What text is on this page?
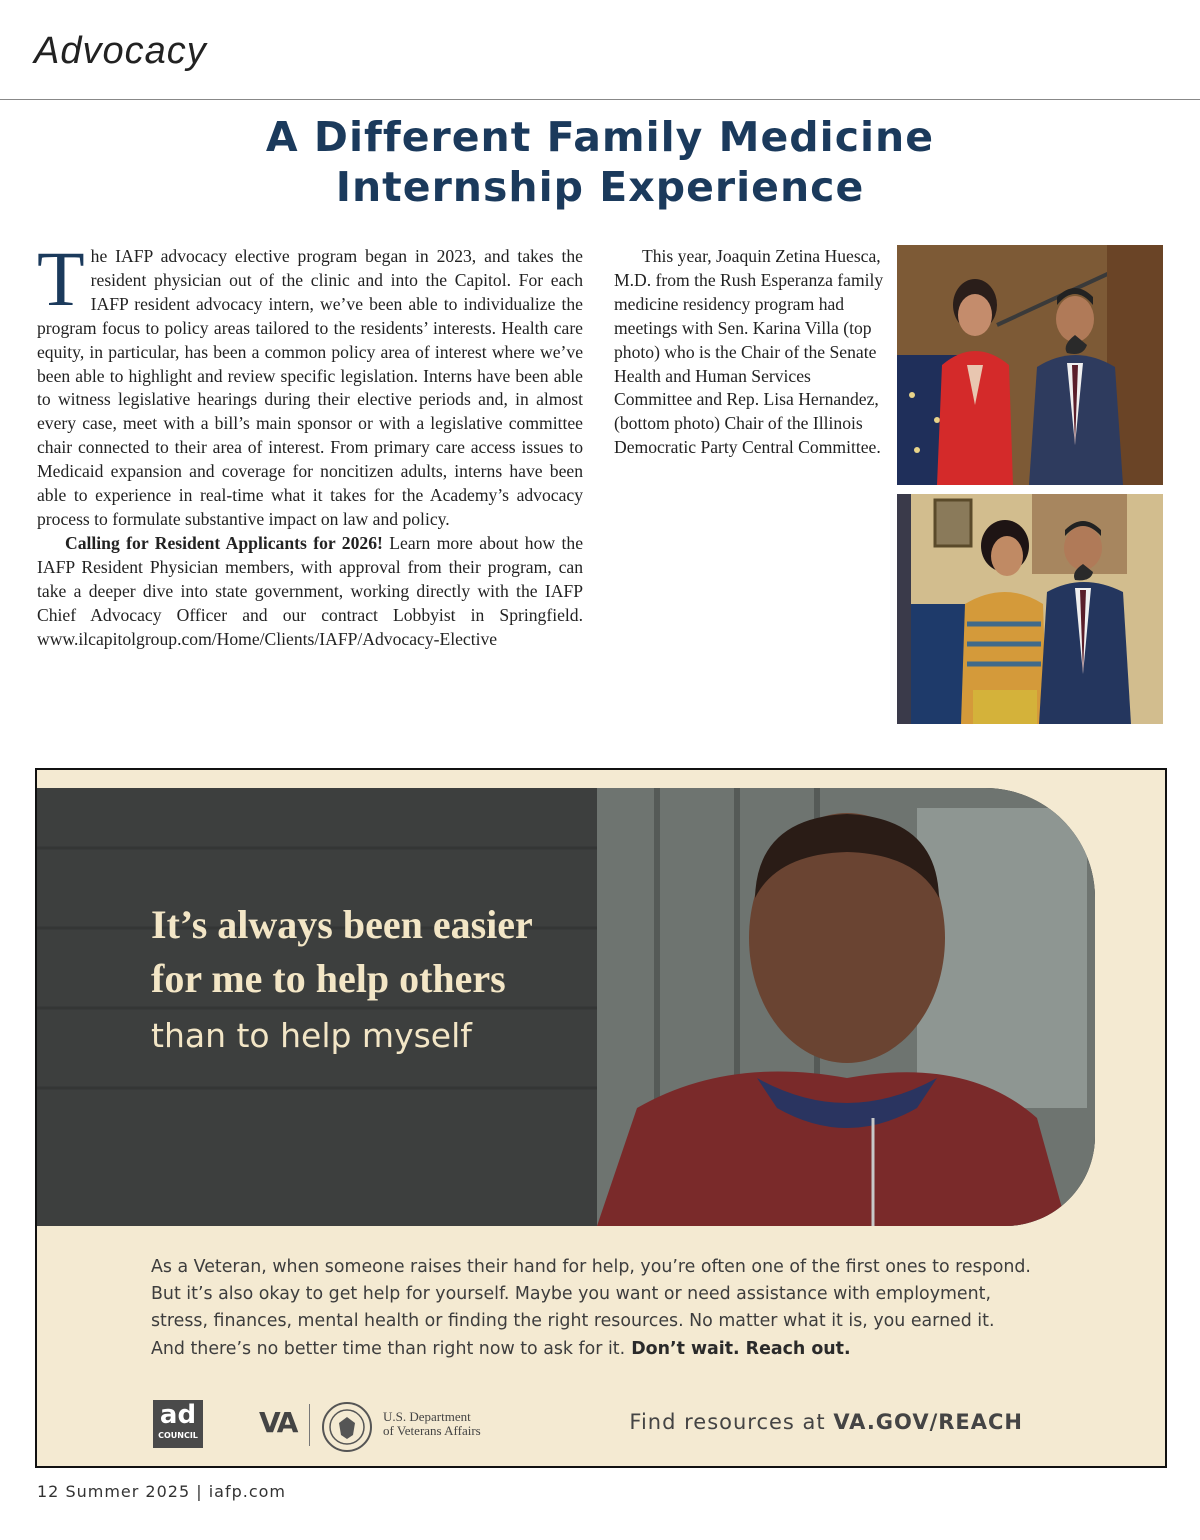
Advocacy
A Different Family Medicine
Internship Experience

The IAFP advocacy elective program began in 2023, and takes the resident physician out of the clinic and into the Capitol. For each IAFP resident advocacy intern, we’ve been able to individualize the program focus to policy areas tailored to the residents’ interests. Health care equity, in particular, has been a common policy area of interest where we’ve been able to highlight and review specific legislation. Interns have been able to witness legislative hearings during their elective periods and, in almost every case, meet with a bill’s main sponsor or with a legislative committee chair connected to their area of interest. From primary care access issues to Medicaid expansion and coverage for noncitizen adults, interns have been able to experience in real-time what it takes for the Academy’s advocacy process to formulate substantive impact on law and policy.

Calling for Resident Applicants for 2026! Learn more about how the IAFP Resident Physician members, with approval from their program, can take a deeper dive into state government, working directly with the IAFP Chief Advocacy Officer and our contract Lobbyist in Springfield. www.ilcapitolgroup.com/Home/Clients/IAFP/Advocacy-Elective

This year, Joaquin Zetina Huesca, M.D. from the Rush Esperanza family medicine residency program had meetings with Sen. Karina Villa (top photo) who is the Chair of the Senate Health and Human Services Committee and Rep. Lisa Hernandez, (bottom photo) Chair of the Illinois Democratic Party Central Committee.

It’s always been easier
for me to help others
than to help myself

As a Veteran, when someone raises their hand for help, you’re often one of the first ones to respond. But it’s also okay to get help for yourself. Maybe you want or need assistance with employment, stress, finances, mental health or finding the right resources. No matter what it is, you earned it. And there’s no better time than right now to ask for it. Don’t wait. Reach out.

ad
COUNCIL VA	U.S. Department
of Veterans Affairs	Find resources at VA.GOV/REACH
12 Summer 2025 | iafp.com
